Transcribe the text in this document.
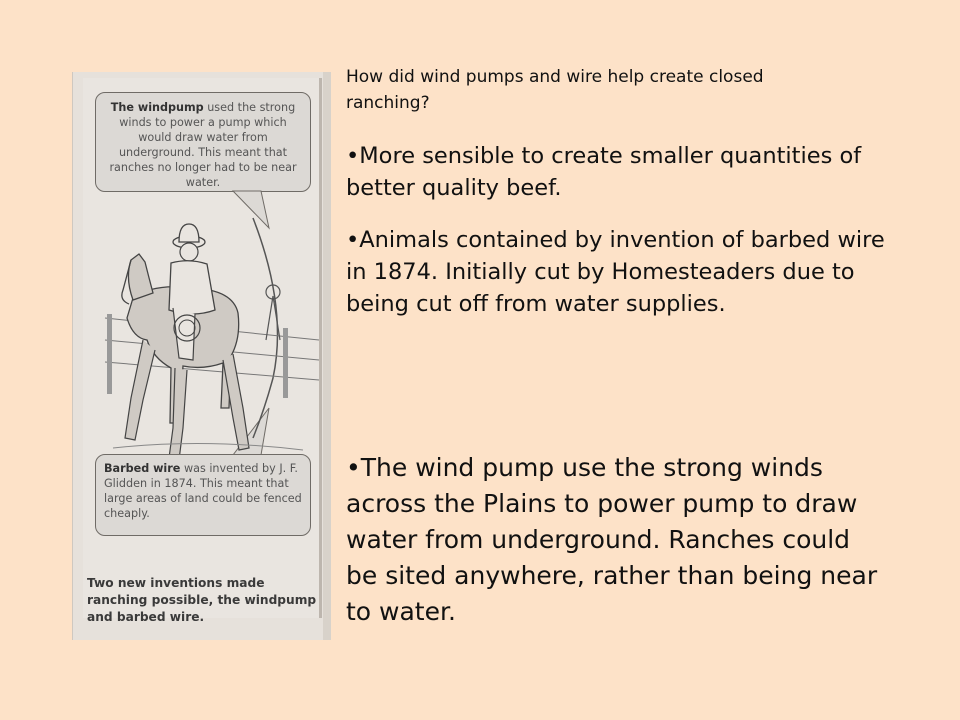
The windpump used the strong winds to power a pump which would draw water from underground. This meant that ranches no longer had to be near water.
Barbed wire was invented by J. F. Glidden in 1874. This meant that large areas of land could be fenced cheaply.
Two new inventions made ranching possible, the windpump and barbed wire.
How did wind pumps and wire help create closed ranching?
•More sensible to create smaller quantities of better quality beef.
•Animals contained by invention of barbed wire in 1874. Initially cut by Homesteaders due to being cut off from water supplies.
•The wind pump use the strong winds across the Plains to power pump to draw water from underground. Ranches could be sited anywhere, rather than being near to water.
